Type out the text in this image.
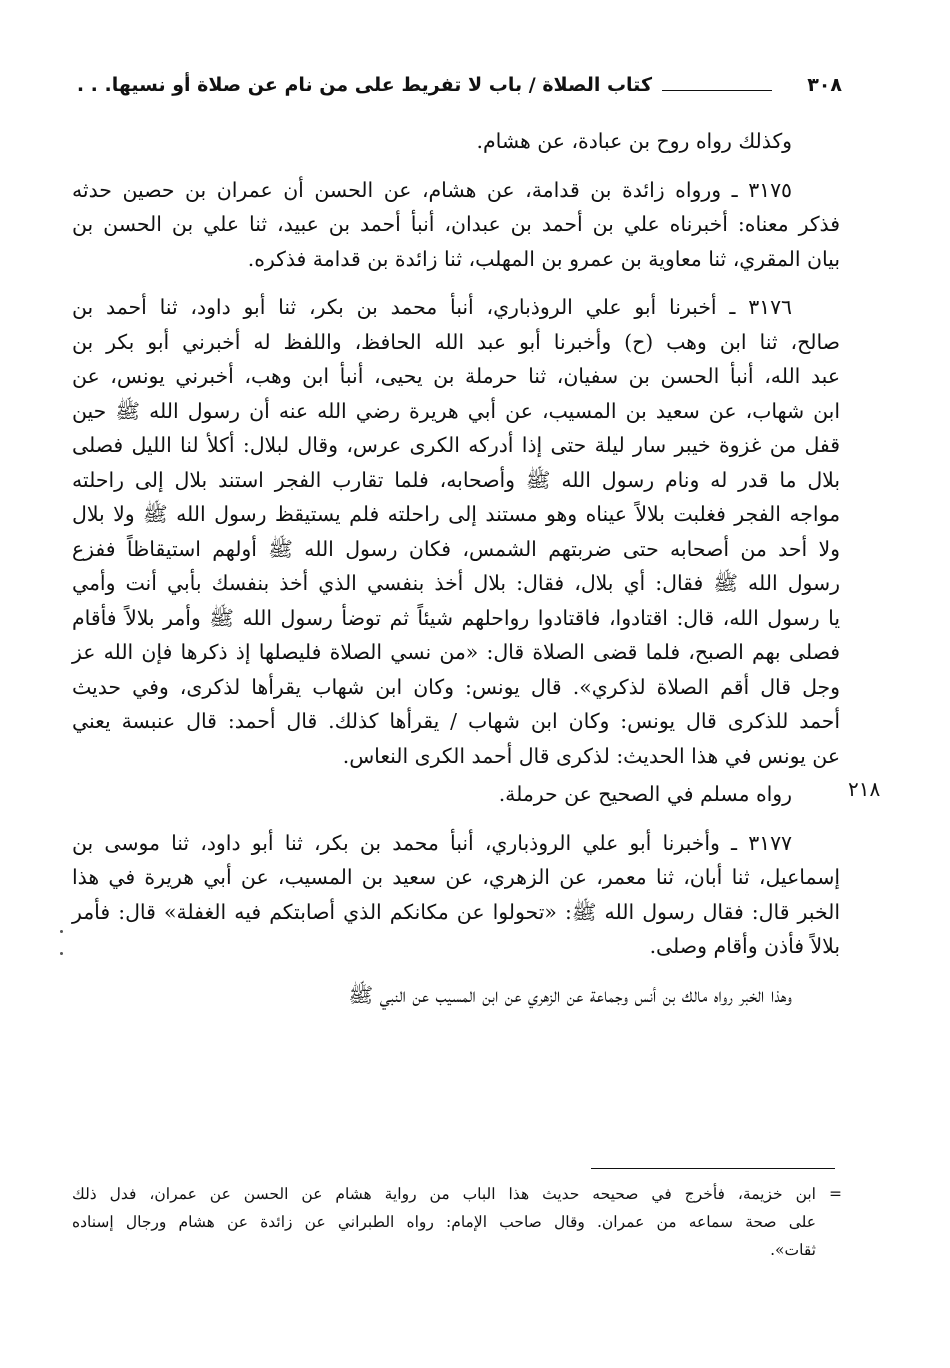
٣٠٨
كتاب الصلاة / باب لا تفريط على من نام عن صلاة أو نسيها. . .
٢١٨

وكذلك رواه روح بن عبادة، عن هشام.

٣١٧٥ ـ ورواه زائدة بن قدامة، عن هشام، عن الحسن أن عمران بن حصين حدثه
فذكر معناه: أخبرناه علي بن أحمد بن عبدان، أنبأ أحمد بن عبيد، ثنا علي بن الحسن بن
بيان المقري، ثنا معاوية بن عمرو بن المهلب، ثنا زائدة بن قدامة فذكره.

٣١٧٦ ـ أخبرنا أبو علي الروذباري، أنبأ محمد بن بكر، ثنا أبو داود، ثنا أحمد بن
صالح، ثنا ابن وهب (ح) وأخبرنا أبو عبد الله الحافظ، واللفظ له أخبرني أبو بكر بن
عبد الله، أنبأ الحسن بن سفيان، ثنا حرملة بن يحيى، أنبأ ابن وهب، أخبرني يونس، عن
ابن شهاب، عن سعيد بن المسيب، عن أبي هريرة رضي الله عنه أن رسول الله ﷺ حين
قفل من غزوة خيبر سار ليلة حتى إذا أدركه الكرى عرس، وقال لبلال: أكلأ لنا الليل فصلى
بلال ما قدر له ونام رسول الله ﷺ وأصحابه، فلما تقارب الفجر استند بلال إلى راحلته
مواجه الفجر فغلبت بلالاً عيناه وهو مستند إلى راحلته فلم يستيقظ رسول الله ﷺ ولا بلال
ولا أحد من أصحابه حتى ضربتهم الشمس، فكان رسول الله ﷺ أولهم استيقاظاً ففزع
رسول الله ﷺ فقال: أي بلال، فقال: بلال أخذ بنفسي الذي أخذ بنفسك بأبي أنت وأمي
يا رسول الله، قال: اقتادوا، فاقتادوا رواحلهم شيئاً ثم توضأ رسول الله ﷺ وأمر بلالاً فأقام
فصلى بهم الصبح، فلما قضى الصلاة قال: «من نسي الصلاة فليصلها إذ ذكرها فإن الله عز
وجل قال أقم الصلاة لذكري». قال يونس: وكان ابن شهاب يقرأها لذكرى، وفي حديث
أحمد للذكرى قال يونس: وكان ابن شهاب / يقرأها كذلك. قال أحمد: قال عنبسة يعني
عن يونس في هذا الحديث: لذكرى قال أحمد الكرى النعاس.

رواه مسلم في الصحيح عن حرملة.

٣١٧٧ ـ وأخبرنا أبو علي الروذباري، أنبأ محمد بن بكر، ثنا أبو داود، ثنا موسى بن
إسماعيل، ثنا أبان، ثنا معمر، عن الزهري، عن سعيد بن المسيب، عن أبي هريرة في هذا
الخبر قال: فقال رسول الله ﷺ: «تحولوا عن مكانكم الذي أصابتكم فيه الغفلة» قال: فأمر
بلالاً فأذن وأقام وصلى.

وهذا الخبر رواه مالك بن أنس وجماعة عن الزهري عن ابن المسيب عن النبي ﷺ

=
ابن خزيمة، فأخرج في صحيحه حديث هذا الباب من رواية هشام عن الحسن عن عمران، فدل ذلك
على صحة سماعه من عمران. وقال صاحب الإمام: رواه الطبراني عن زائدة عن هشام ورجال إسناده
ثقات».
